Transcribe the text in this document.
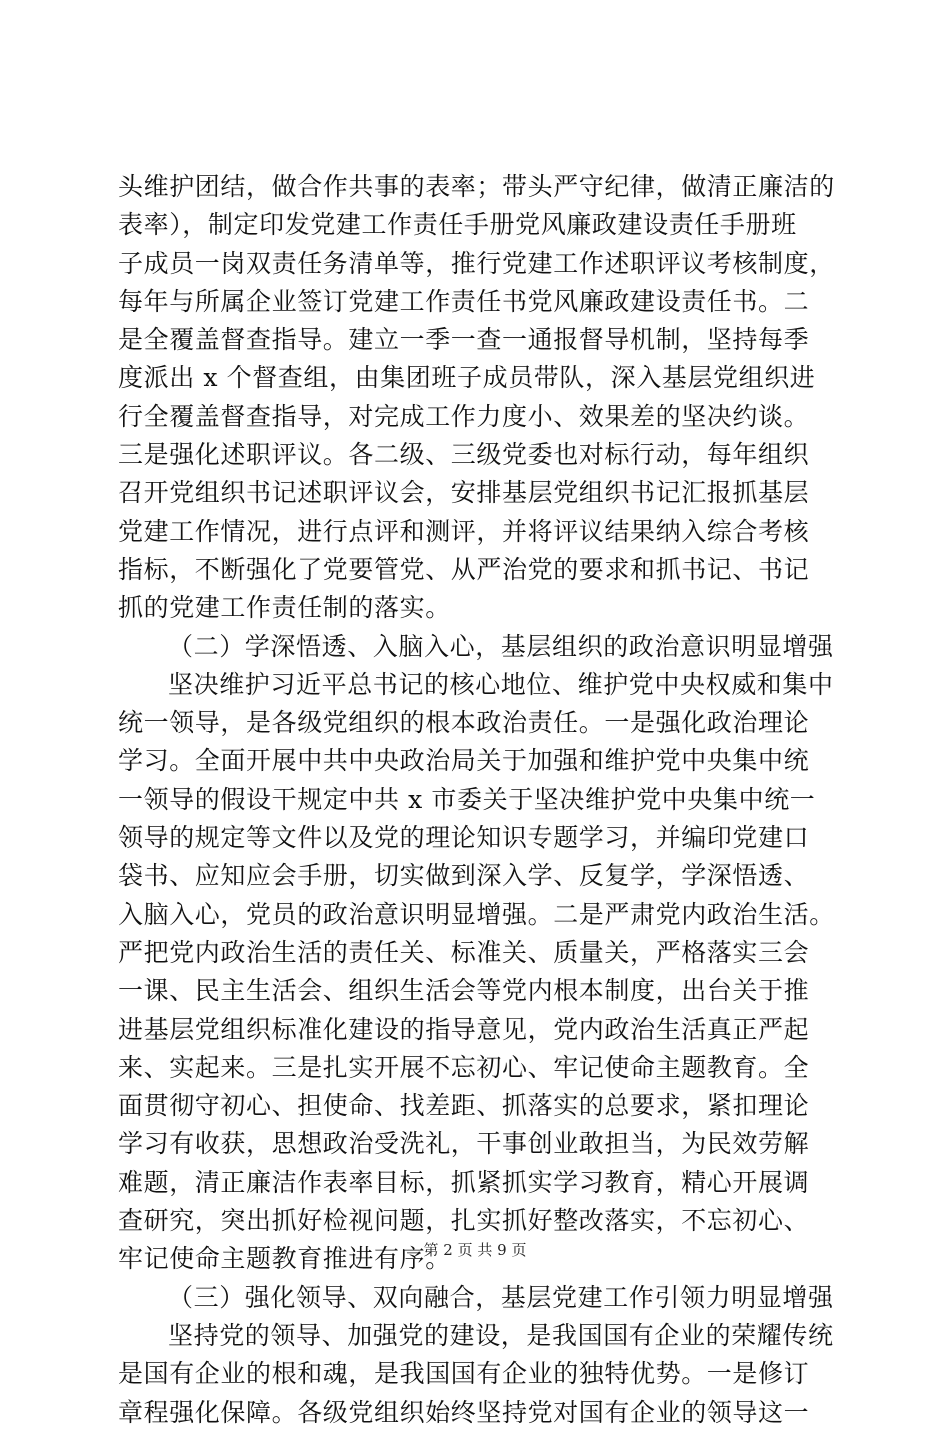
头维护团结，做合作共事的表率；带头严守纪律，做清正廉洁的
表率），制定印发党建工作责任手册党风廉政建设责任手册班
子成员一岗双责任务清单等，推行党建工作述职评议考核制度，
每年与所属企业签订党建工作责任书党风廉政建设责任书。二
是全覆盖督查指导。建立一季一查一通报督导机制，坚持每季
度派出 x 个督查组，由集团班子成员带队，深入基层党组织进
行全覆盖督查指导，对完成工作力度小、效果差的坚决约谈。
三是强化述职评议。各二级、三级党委也对标行动，每年组织
召开党组织书记述职评议会，安排基层党组织书记汇报抓基层
党建工作情况，进行点评和测评，并将评议结果纳入综合考核
指标，不断强化了党要管党、从严治党的要求和抓书记、书记
抓的党建工作责任制的落实。
（二）学深悟透、入脑入心，基层组织的政治意识明显增强
坚决维护习近平总书记的核心地位、维护党中央权威和集中
统一领导，是各级党组织的根本政治责任。一是强化政治理论
学习。全面开展中共中央政治局关于加强和维护党中央集中统
一领导的假设干规定中共 x 市委关于坚决维护党中央集中统一
领导的规定等文件以及党的理论知识专题学习，并编印党建口
袋书、应知应会手册，切实做到深入学、反复学，学深悟透、
入脑入心，党员的政治意识明显增强。二是严肃党内政治生活。
严把党内政治生活的责任关、标准关、质量关，严格落实三会
一课、民主生活会、组织生活会等党内根本制度，出台关于推
进基层党组织标准化建设的指导意见，党内政治生活真正严起
来、实起来。三是扎实开展不忘初心、牢记使命主题教育。全
面贯彻守初心、担使命、找差距、抓落实的总要求，紧扣理论
学习有收获，思想政治受洗礼，干事创业敢担当，为民效劳解
难题，清正廉洁作表率目标，抓紧抓实学习教育，精心开展调
查研究，突出抓好检视问题，扎实抓好整改落实，不忘初心、
牢记使命主题教育推进有序。
（三）强化领导、双向融合，基层党建工作引领力明显增强
坚持党的领导、加强党的建设，是我国国有企业的荣耀传统
是国有企业的根和魂，是我国国有企业的独特优势。一是修订
章程强化保障。各级党组织始终坚持党对国有企业的领导这一
第 2 页 共 9 页
